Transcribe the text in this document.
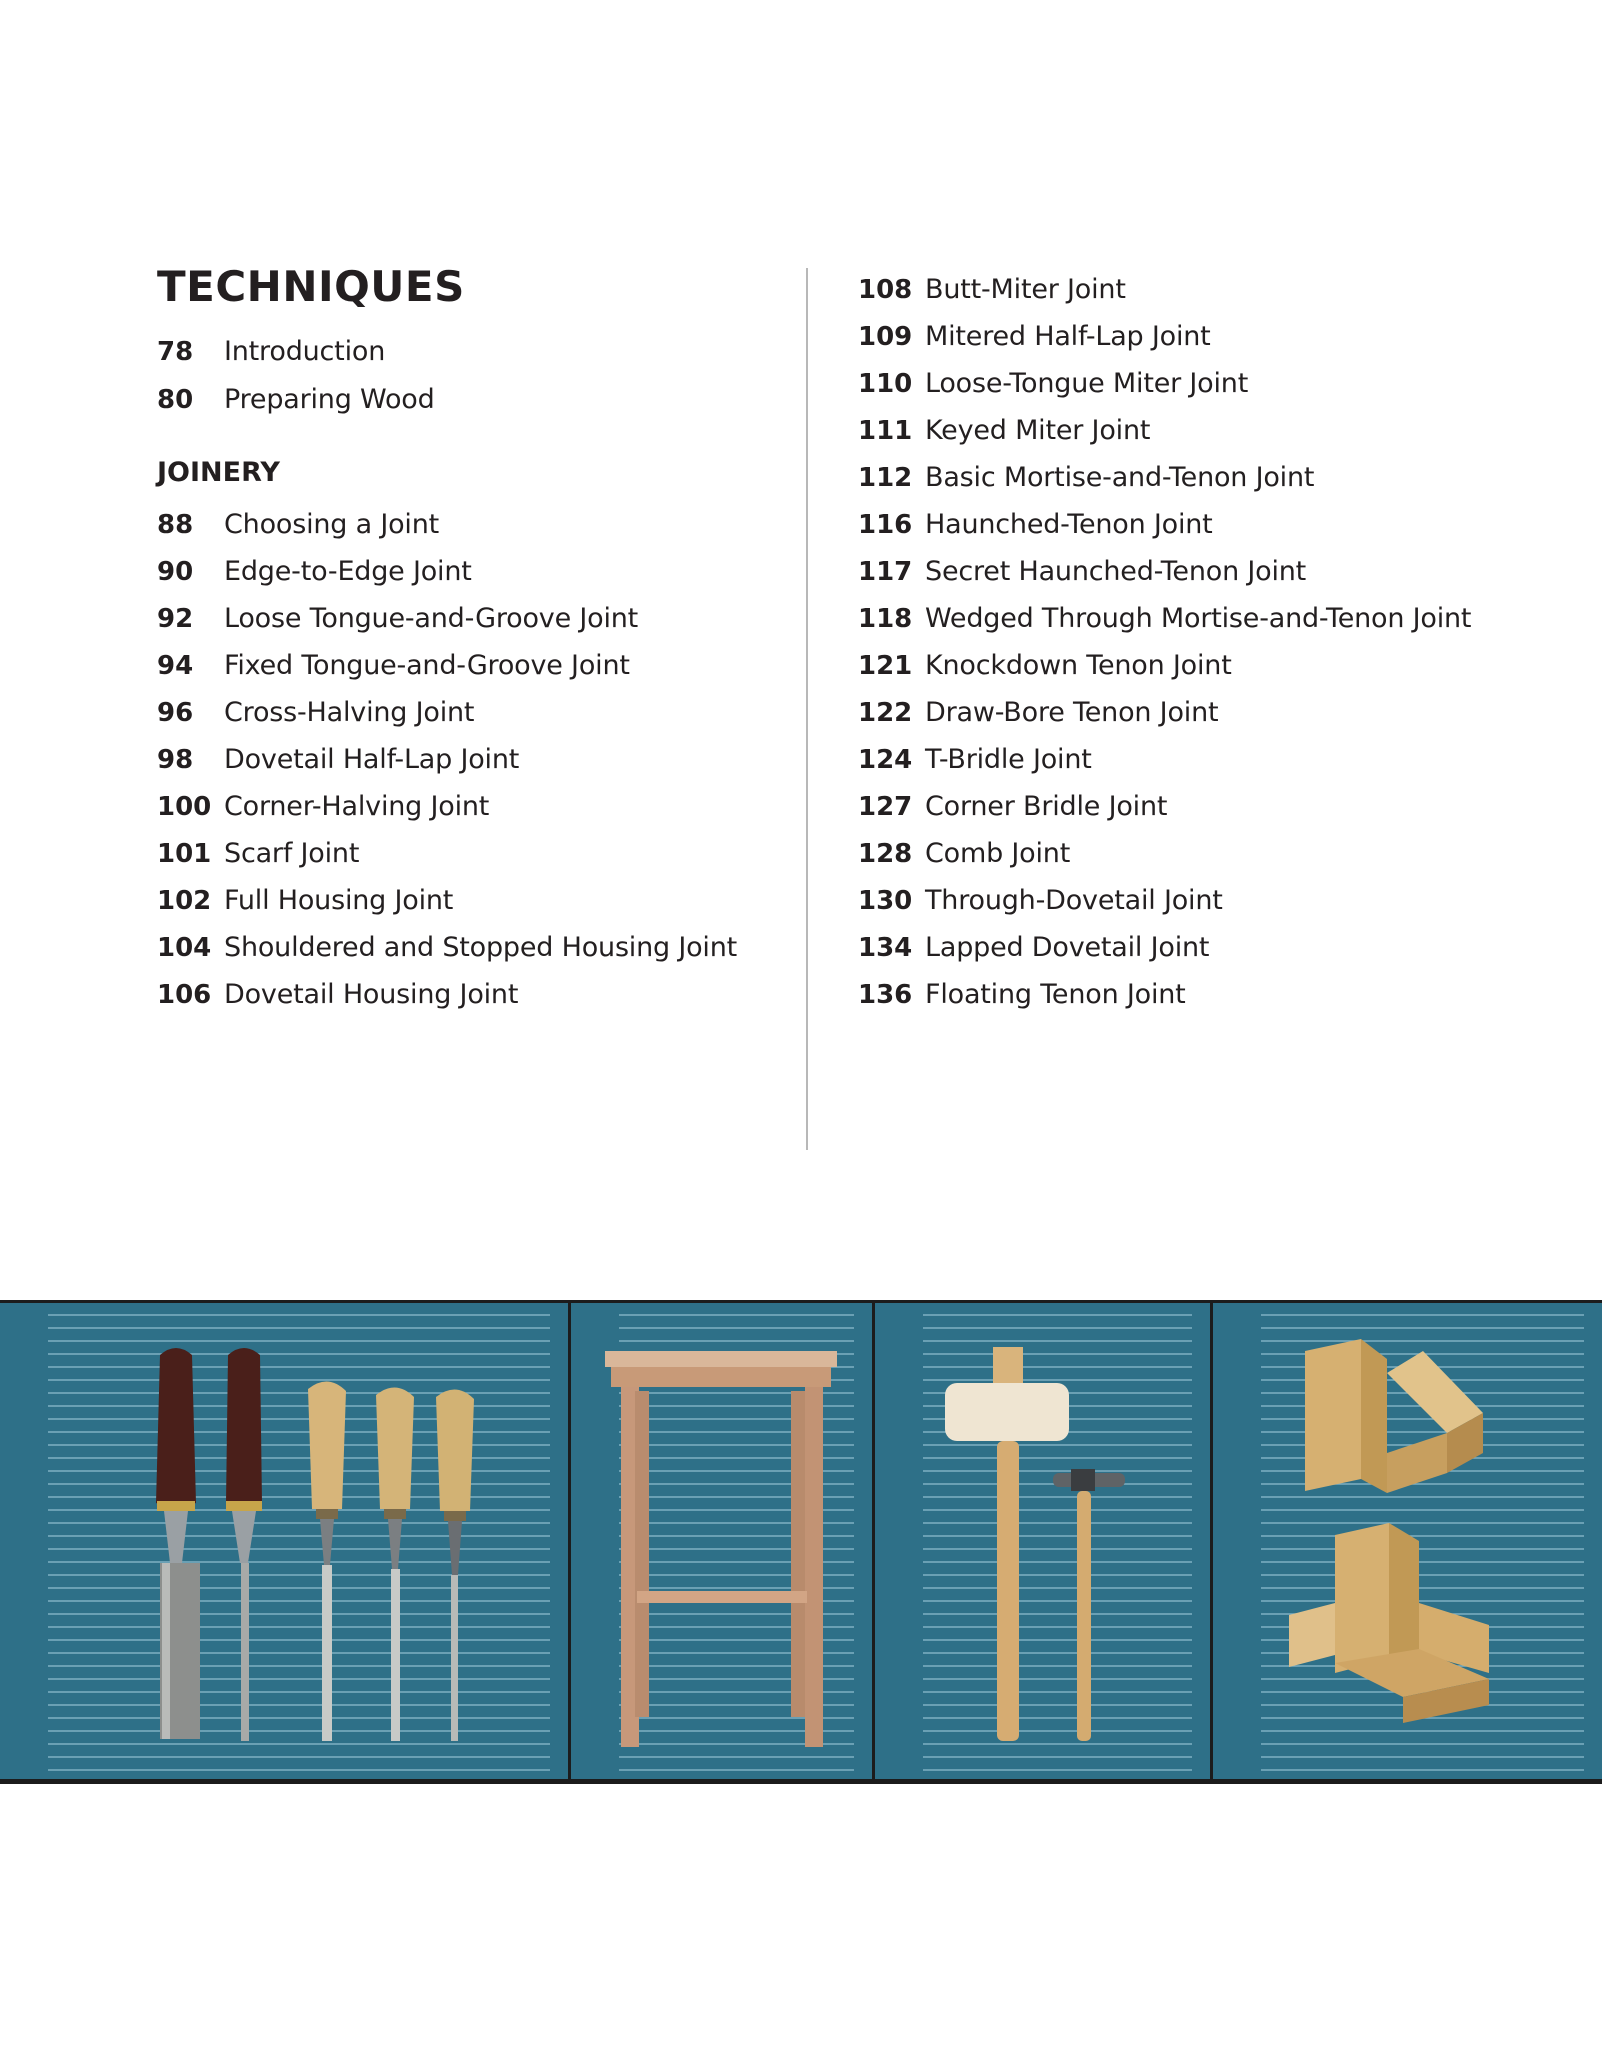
TECHNIQUES
78 Introduction
80 Preparing Wood
JOINERY
88 Choosing a Joint
90 Edge-to-Edge Joint
92 Loose Tongue-and-Groove Joint
94 Fixed Tongue-and-Groove Joint
96 Cross-Halving Joint
98 Dovetail Half-Lap Joint
100 Corner-Halving Joint
101 Scarf Joint
102 Full Housing Joint
104 Shouldered and Stopped Housing Joint
106 Dovetail Housing Joint
108 Butt-Miter Joint
109 Mitered Half-Lap Joint
110 Loose-Tongue Miter Joint
111 Keyed Miter Joint
112 Basic Mortise-and-Tenon Joint
116 Haunched-Tenon Joint
117 Secret Haunched-Tenon Joint
118 Wedged Through Mortise-and-Tenon Joint
121 Knockdown Tenon Joint
122 Draw-Bore Tenon Joint
124 T-Bridle Joint
127 Corner Bridle Joint
128 Comb Joint
130 Through-Dovetail Joint
134 Lapped Dovetail Joint
136 Floating Tenon Joint
